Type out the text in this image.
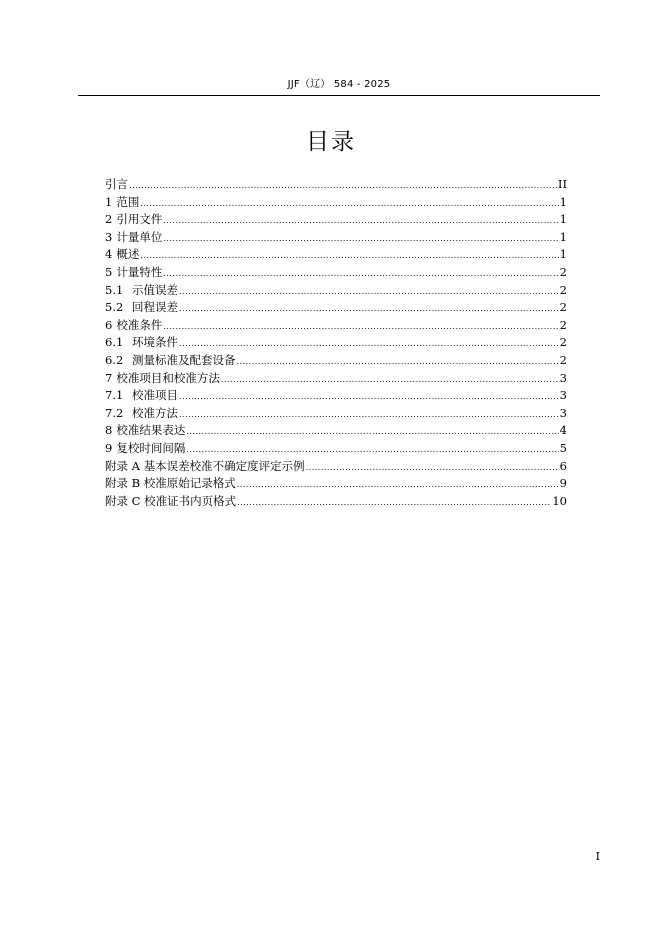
JJF（辽） 584 - 2025
目录
引言 .....	II
1 范围 .....	1
2 引用文件 .....	1
3 计量单位 .....	1
4 概述 .....	1
5 计量特性 .....	2
5.1 示值误差 .....	2
5.2 回程误差 .....	2
6 校准条件 .....	2
6.1 环境条件 .....	2
6.2 测量标准及配套设备 .....	2
7 校准项目和校准方法 .....	3
7.1 校准项目 .....	3
7.2 校准方法 .....	3
8 校准结果表达 .....	4
9 复校时间间隔 .....	5
附录 A 基本误差校准不确定度评定示例 .....	6
附录 B 校准原始记录格式 .....	9
附录 C 校准证书内页格式 .....	10
I
